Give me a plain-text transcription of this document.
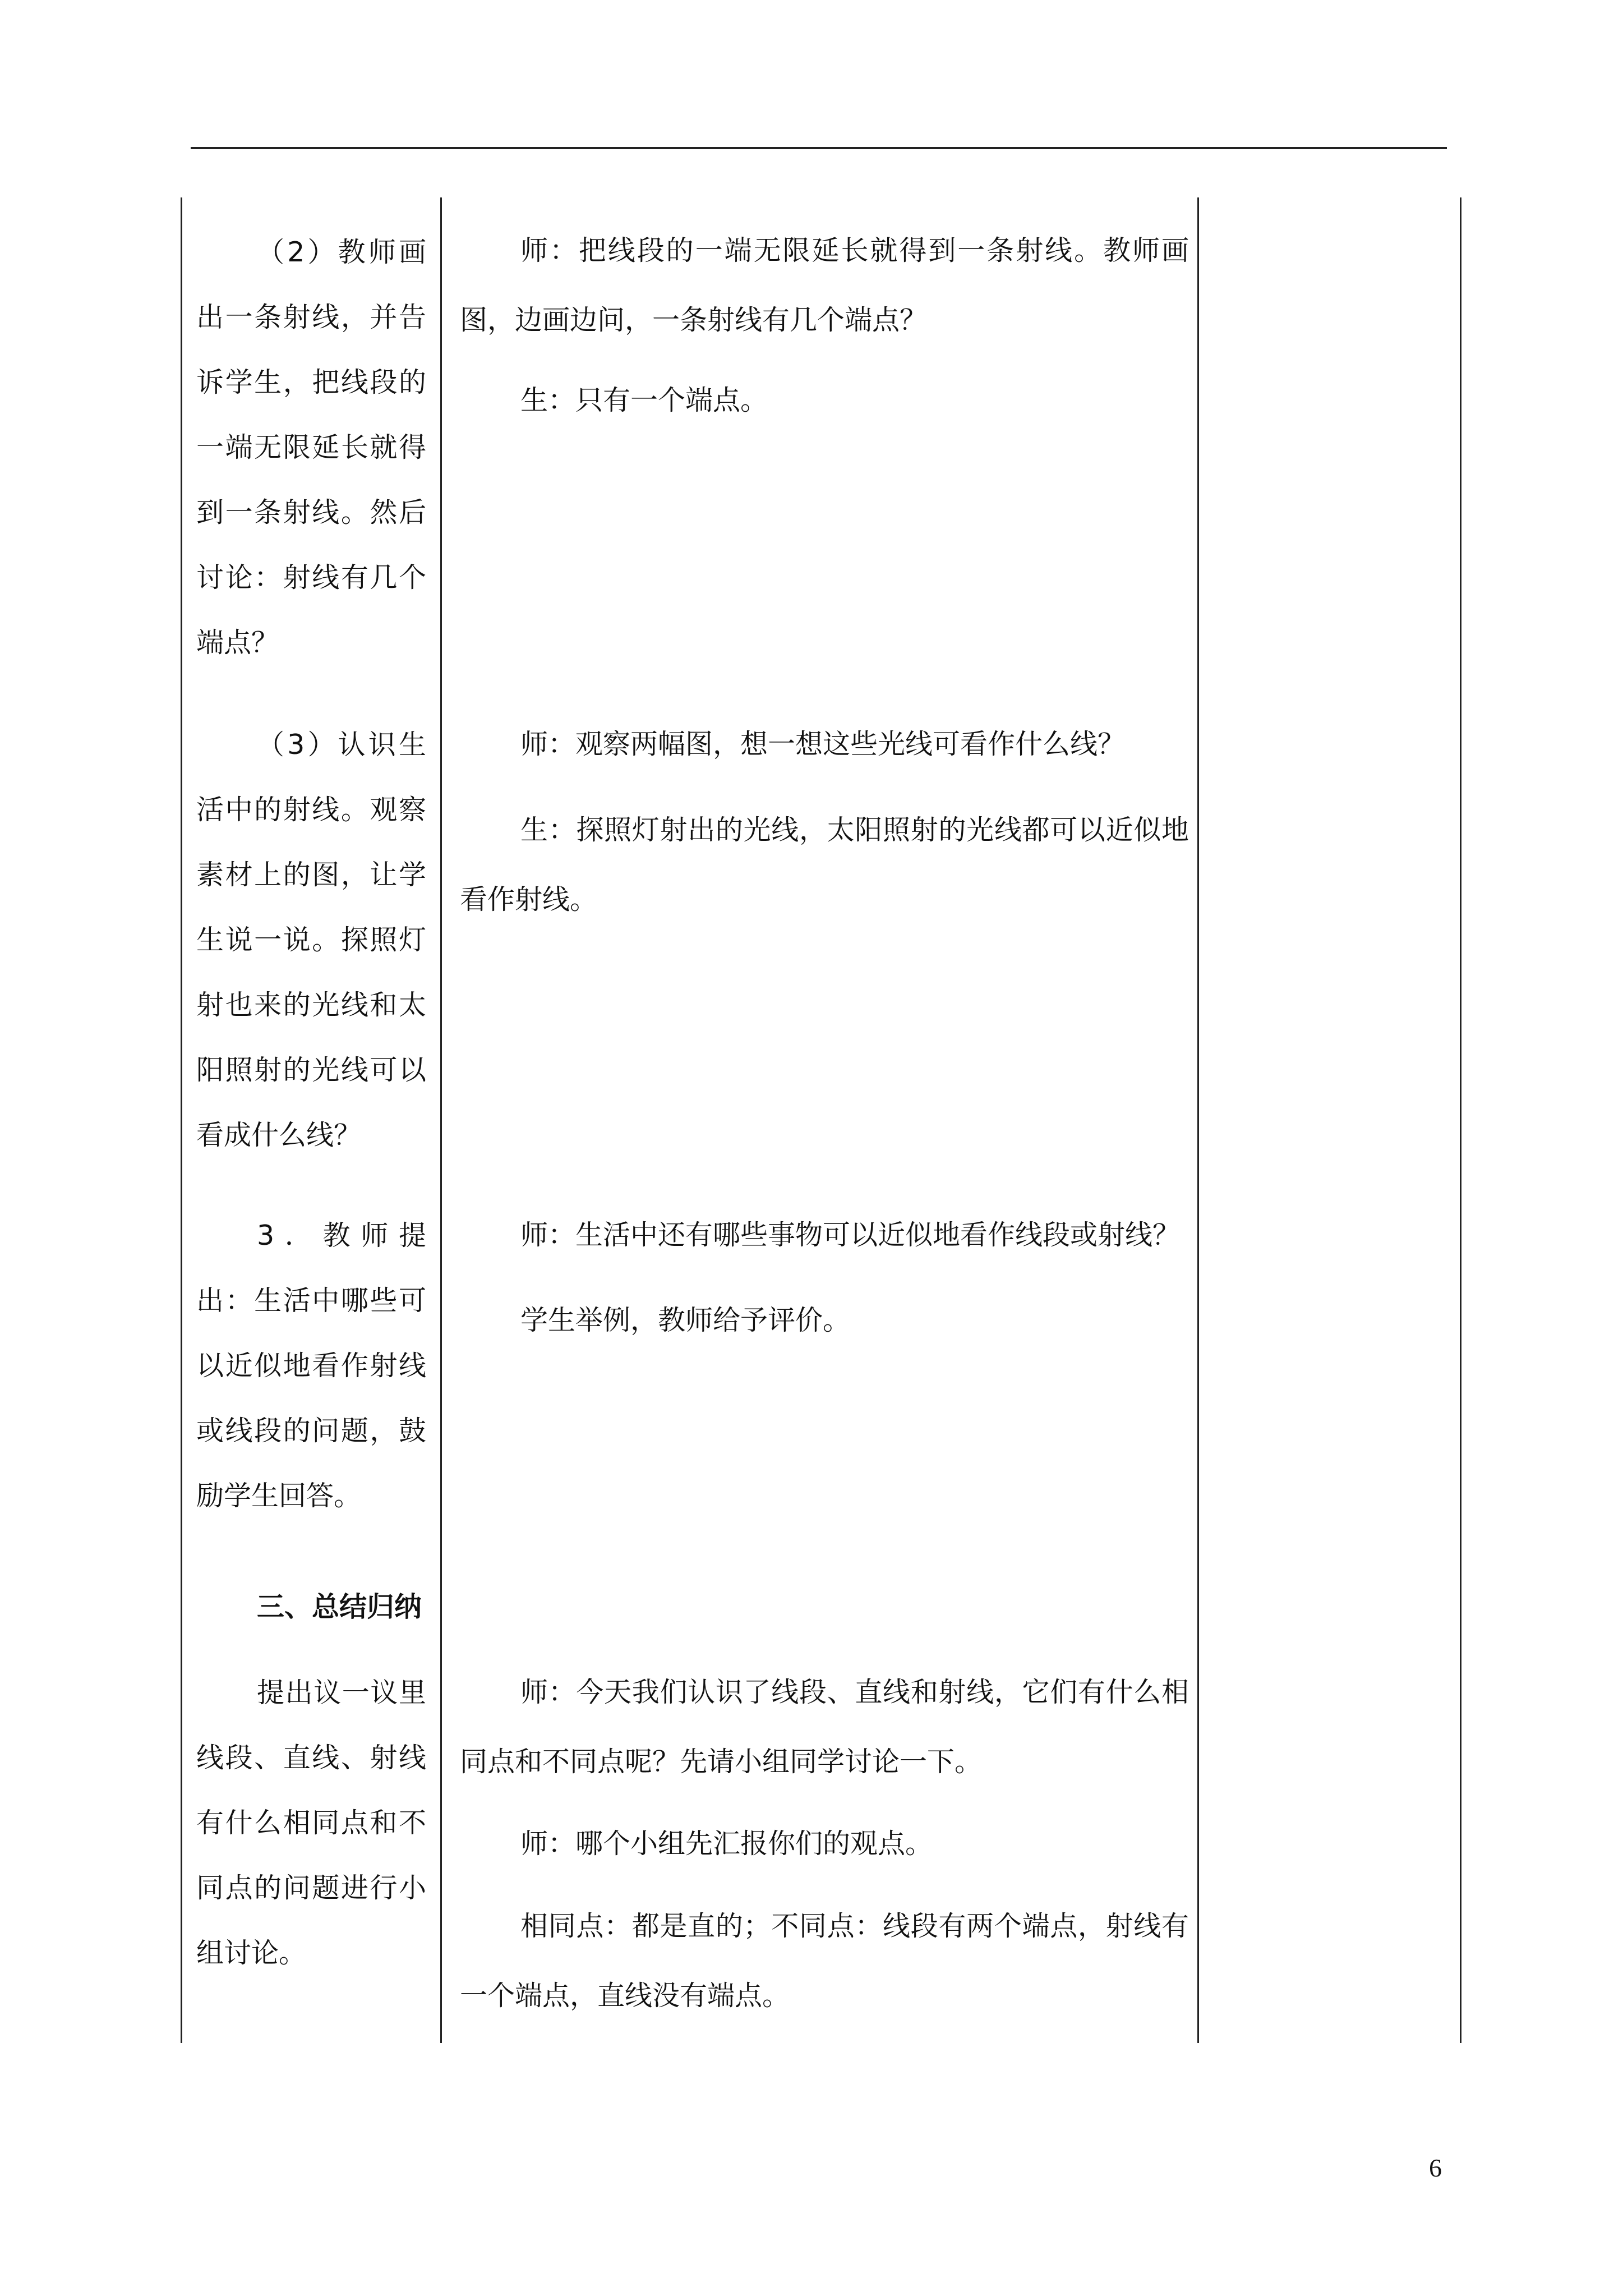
（2）教师画出一条射线，并告诉学生，把线段的一端无限延长就得到一条射线。然后讨论：射线有几个端点？

（3）认识生活中的射线。观察素材上的图，让学生说一说。探照灯射也来的光线和太阳照射的光线可以看成什么线？

3．教师提出：生活中哪些可以近似地看作射线或线段的问题，鼓励学生回答。

三、总结归纳

提出议一议里线段、直线、射线有什么相同点和不同点的问题进行小组讨论。

师：把线段的一端无限延长就得到一条射线。教师画图，边画边问，一条射线有几个端点？

生：只有一个端点。

师：观察两幅图，想一想这些光线可看作什么线？

生：探照灯射出的光线，太阳照射的光线都可以近似地看作射线。

师：生活中还有哪些事物可以近似地看作线段或射线？

学生举例，教师给予评价。

师：今天我们认识了线段、直线和射线，它们有什么相同点和不同点呢？先请小组同学讨论一下。

师：哪个小组先汇报你们的观点。

相同点：都是直的；不同点：线段有两个端点，射线有一个端点，直线没有端点。

6
